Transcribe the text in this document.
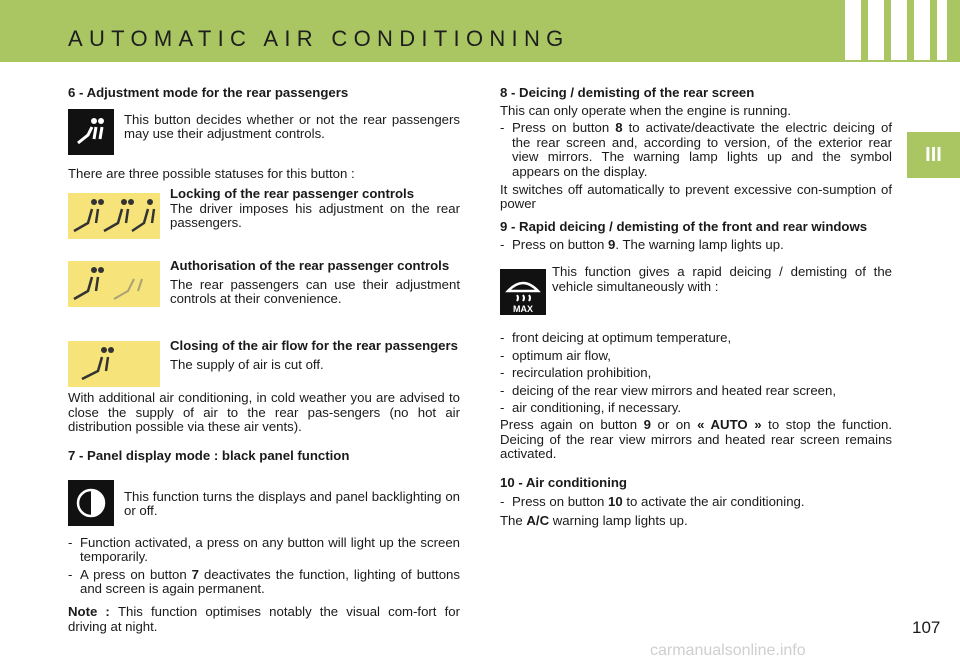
AUTOMATIC AIR CONDITIONING
III

6 - Adjustment mode for the rear passengers

This button decides whether or not the rear passengers may use their adjustment controls.

There are three possible statuses for this button :

Locking of the rear passenger controls

The driver imposes his adjustment on the rear passengers.

Authorisation of the rear passenger controls

The rear passengers can use their adjustment controls at their convenience.

Closing of the air flow for the rear passengers

The supply of air is cut off.

With additional air conditioning, in cold weather you are advised to close the supply of air to the rear pas-sengers (no hot air distribution possible via these air vents).

7 - Panel display mode : black panel function

This function turns the displays and panel backlighting on or off.

- Function activated, a press on any button will light up the screen temporarily.

- A press on button 7 deactivates the function, lighting of buttons and screen is again permanent.

Note : This function optimises notably the visual com-fort for driving at night.

8 - Deicing / demisting of the rear screen

This can only operate when the engine is running.

- Press on button 8 to activate/deactivate the electric deicing of the rear screen and, according to version, of the exterior rear view mirrors. The warning lamp lights up and the symbol appears on the display.

It switches off automatically to prevent excessive con-sumption of power

9 - Rapid deicing / demisting of the front and rear windows

- Press on button 9. The warning lamp lights up.

MAX

This function gives a rapid deicing / demisting of the vehicle simultaneously with :

- front deicing at optimum temperature,

- optimum air flow,

- recirculation prohibition,

- deicing of the rear view mirrors and heated rear screen,

- air conditioning, if necessary.

Press again on button 9 or on « AUTO » to stop the function. Deicing of the rear view mirrors and heated rear screen remains activated.

10 - Air conditioning

- Press on button 10 to activate the air conditioning.

The A/C warning lamp lights up.

107
carmanualsonline.info
